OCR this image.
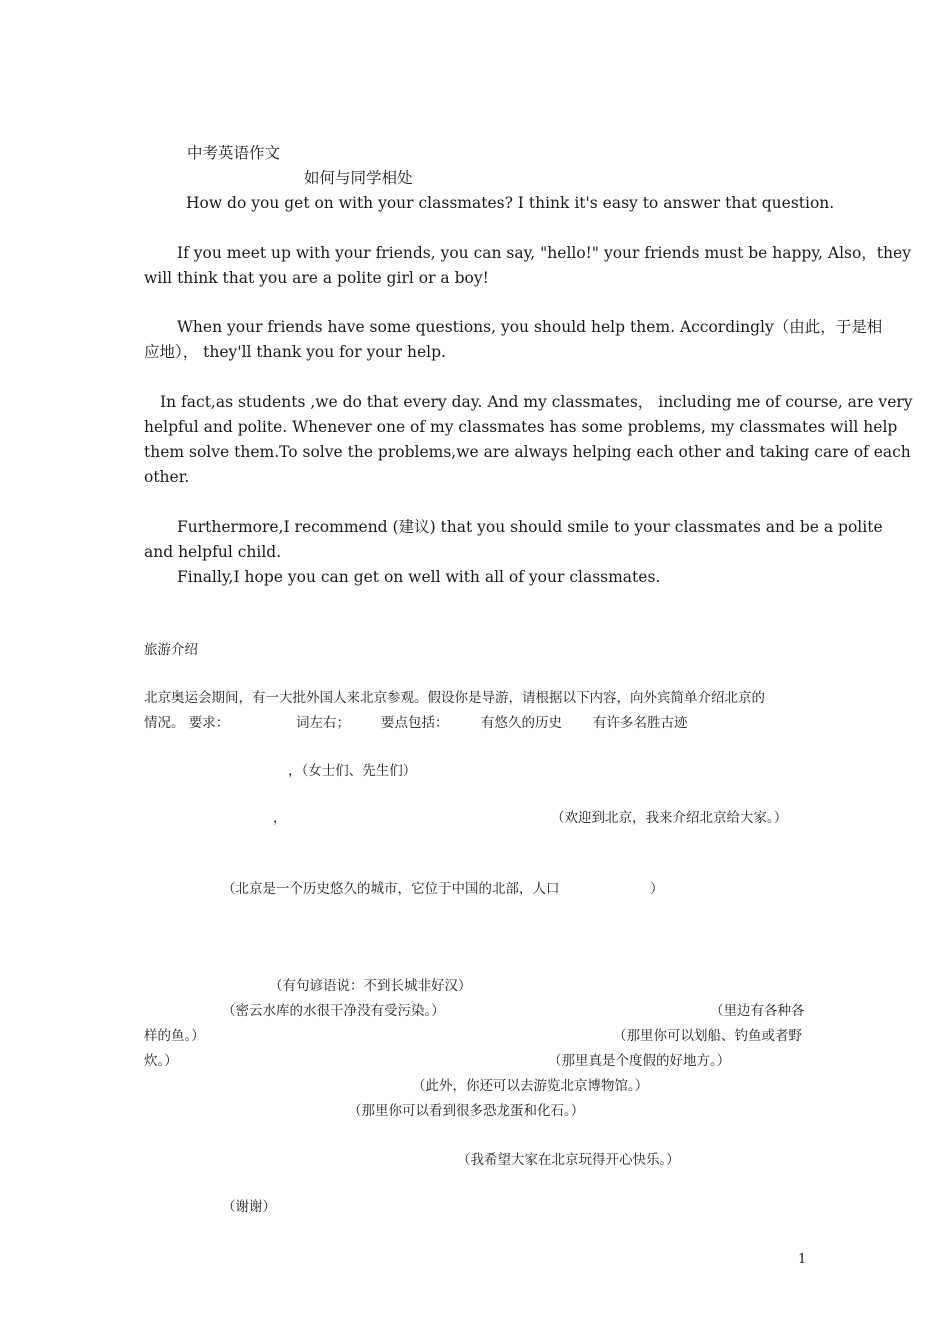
中考英语作文
如何与同学相处
How do you get on with your classmates? I think it's easy to answer that question.
If you meet up with your friends, you can say, "hello!" your friends must be happy, Also，they
will think that you are a polite girl or a boy!
When your friends have some questions, you should help them. Accordingly（由此，于是相
应地）， they'll thank you for your help.
In fact,as students ,we do that every day. And my classmates， including me of course, are very
helpful and polite. Whenever one of my classmates has some problems, my classmates will help
them solve them.To solve the problems,we are always helping each other and taking care of each
other.
Furthermore,I recommend (建议) that you should smile to your classmates and be a polite
and helpful child.
Finally,I hope you can get on well with all of your classmates.
旅游介绍
北京奥运会期间，有一大批外国人来北京参观。假设你是导游，请根据以下内容，向外宾简单介绍北京的
情况。 要求：	词左右； 要点包括： 有悠久的历史 有许多名胜古迹
，（女士们、先生们）
，	（欢迎到北京，我来介绍北京给大家。）
（北京是一个历史悠久的城市，它位于中国的北部，人口	）
（有句谚语说：不到长城非好汉）
（密云水库的水很干净没有受污染。）	（里边有各种各
样的鱼。）	（那里你可以划船、钓鱼或者野
炊。）	（那里真是个度假的好地方。）
（此外，你还可以去游览北京博物馆。）
（那里你可以看到很多恐龙蛋和化石。）
（我希望大家在北京玩得开心快乐。）
（谢谢）
1
